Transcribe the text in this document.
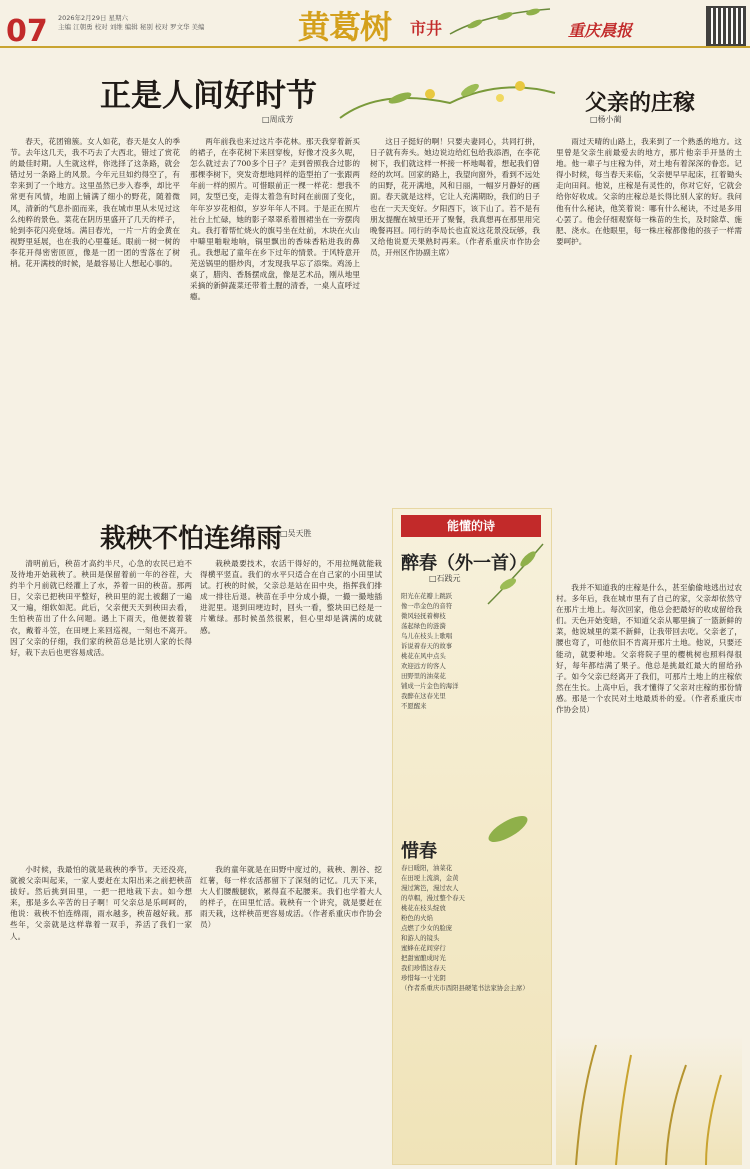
07 2026年2月29日 星期六
主编 江朝勇 校对 刘维 编辑 秘别 校对 罗文华 美编	黄葛树 市井	重庆晨报
正是人间好时节
□周成芳
春天，花团锦簇。女人如花，春天是女人的季节。去年这几天，我不巧去了大西北，错过了赏花的最佳时期。人生就这样，你选择了这条路，就会错过另一条路上的风景。今年元旦如约得空了，有幸来到了一个地方。这里虽然已步入春季，却比平常更有风情，地面上铺满了细小的野花，随着微风，清新的气息扑面而来，我在城市里从未见过这么纯粹的景色。菜花在阴历里盛开了几天的样子，轮到李花闪亮登场。满目春光，一片一片的金黄在视野里延展，也在我的心里蔓延。眼前一树一树的李花开得密密匝匝，像是一团一团的雪落在了树梢。花开满枝的时候，是最容易让人想起心事的。
两年前我也来过这片李花林。那天我穿着新买的裙子，在李花树下来回穿梭，好像才没多久呢，怎么就过去了700多个日子？走到曾照我合过影的那棵李树下，突发奇想地同样的造型拍了一张跟两年前一样的照片。可惜眼前正一棵一样花：想我不同，发型已变，走得太着急有时间在前面了变化，年年岁岁花相似，岁岁年年人不同。于是正在照片社台上忙碌，她的影子翠翠系着围裙坐在一旁摆肉丸。我打着帮忙烧火的旗号坐在灶前，木块在火山中噼里啪啦地响，锅里飘出的香味香粘进我的鼻孔。我想起了童年在乡下过年的情景。于风特意开芜送锅里的腊炒肉，才发现我早忘了添柴。鸡汤上桌了，腊肉、香肠摆成盘，像是艺术品，刚从地里采摘的新鲜蔬菜还带着土腥的清香，一桌人直呼过瘾。
这日子挺好的啊！只要夫妻同心，共同打拼，日子就有奔头。她边说边给红包给我添酒，在李花树下，我们就这样一杯接一杯地喝着，想起我们曾经的坎坷。回家的路上，我望向窗外，看到不远处的田野，花开满地，风和日丽，一幅岁月静好的画面。春天就是这样，它让人充满期盼，我们的日子也在一天天变好。夕阳西下，该下山了。若不是有朋友提醒在城里还开了聚餐，我真想再在那里用完晚餐再回。同行的李局长也直说这花景没玩够，我又给他说夏天果熟时再来。（作者系重庆市作协会员，开州区作协副主席）
父亲的庄稼
□杨小蔺
雨过天晴的山路上，我来到了一个熟悉的地方。这里曾是父亲生前最爱去的地方，那片他亲手开垦的土地。他一辈子与庄稼为伴，对土地有着深深的眷恋。记得小时候，每当春天来临，父亲便早早起床，扛着锄头走向田间。他说，庄稼是有灵性的，你对它好，它就会给你好收成。父亲的庄稼总是长得比别人家的好。我问他有什么秘诀，他笑着说：哪有什么秘诀，不过是多用心罢了。他会仔细观察每一株苗的生长，及时除草、施肥、浇水。在他眼里，每一株庄稼都像他的孩子一样需要呵护。
我并不知道我的庄稼是什么，甚至偷偷地逃出过农村。多年后，我在城市里有了自己的家，父亲却依然守在那片土地上。每次回家，他总会把最好的收成留给我们。天色开始变暗，不知道父亲从哪里摘了一篮新鲜的菜，他说城里的菜不新鲜，让我带回去吃。父亲老了，腰也弯了，可他依旧不肯离开那片土地。他说，只要还能动，就要种地。父亲将院子里的樱桃树也照料得很好，每年都结满了果子。他总是挑最红最大的留给孙子。如今父亲已经离开了我们，可那片土地上的庄稼依然在生长。上高中后，我才懂得了父亲对庄稼的那份情感。那是一个农民对土地最质朴的爱。（作者系重庆市作协会员）
栽秧不怕连绵雨
□吴天胜
清明前后，秧苗才高约半尺，心急的农民已迫不及待地开始栽秧了。秧田是保留着前一年的谷茬，大约半个月前就已经灌上了水，养着一田的秧苗。那两日，父亲已把秧田平整好，秧田里的泥土被翻了一遍又一遍，细软如泥。此后，父亲便天天到秧田去看，生怕秧苗出了什么问题。遇上下雨天，他便披着蓑衣，戴着斗笠，在田埂上来回巡视，一刻也不离开。因了父亲的仔细，我们家的秧苗总是比别人家的长得好，栽下去后也更容易成活。
小时候，我最怕的就是栽秧的季节。天还没亮，就被父亲叫起来，一家人要赶在太阳出来之前把秧苗拔好。然后挑到田里，一把一把地栽下去。如今想来，那是多么辛苦的日子啊！可父亲总是乐呵呵的，他说：栽秧不怕连绵雨，雨水越多，秧苗越好栽。那些年，父亲就是这样靠着一双手，养活了我们一家人。
栽秧最要技术，农活干得好的，不用拉绳就能栽得横平竖直。我们的水平只适合在自己家的小田里试试。打秧的时候，父亲总是站在田中央，指挥我们排成一排往后退。秧苗在手中分成小撮，一撮一撮地插进泥里。退到田埂边时，回头一看，整块田已经是一片嫩绿。那时候虽然很累，但心里却是满满的成就感。
我的童年就是在田野中度过的，栽秧、割谷、挖红薯，每一样农活都留下了深刻的记忆。几天下来，大人们腰酸腿软，累得直不起腰来。我们也学着大人的样子，在田里忙活。栽秧有一个讲究，就是要赶在雨天栽，这样秧苗更容易成活。（作者系重庆市作协会员）
能懂的诗
醉春（外一首）
□石践元
阳光在花瓣上跳跃
像一串金色的音符
微风轻抚着柳枝
荡起绿色的涟漪
鸟儿在枝头上歌唱
诉说着春天的故事
桃花在风中点头
欢迎远方的客人
田野里的油菜花
铺成一片金色的海洋
我醉在这春光里
不愿醒来
惜春
春日暖阳，油菜花
在田埂上流淌，金黄
漫过篱笆，漫过农人
的草帽，漫过整个春天
桃花在枝头绽放
粉色的火焰
点燃了少女的脸庞
和游人的镜头
蜜蜂在花间穿行
把甜蜜酿成时光
我们珍惜这春天
珍惜每一寸光阴
（作者系重庆市酉阳县硬笔书法家协会主席）
